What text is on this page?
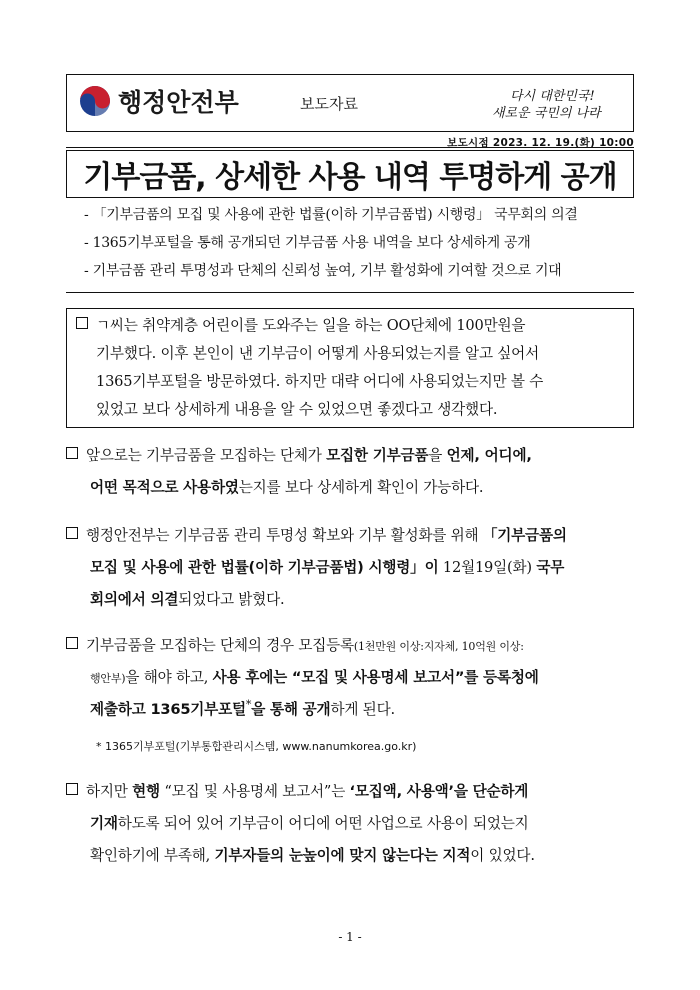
행정안전부	보도자료	다시 대한민국!
새로운 국민의 나라
보도시점 2023. 12. 19.(화) 10:00
기부금품, 상세한 사용 내역 투명하게 공개
- 「기부금품의 모집 및 사용에 관한 법률(이하 기부금품법) 시행령」 국무회의 의결
- 1365기부포털을 통해 공개되던 기부금품 사용 내역을 보다 상세하게 공개
- 기부금품 관리 투명성과 단체의 신뢰성 높여, 기부 활성화에 기여할 것으로 기대
ㄱ씨는 취약계층 어린이를 도와주는 일을 하는 OO단체에 100만원을
기부했다. 이후 본인이 낸 기부금이 어떻게 사용되었는지를 알고 싶어서
1365기부포털을 방문하였다. 하지만 대략 어디에 사용되었는지만 볼 수
있었고 보다 상세하게 내용을 알 수 있었으면 좋겠다고 생각했다.
앞으로는 기부금품을 모집하는 단체가 모집한 기부금품을 언제, 어디에,
어떤 목적으로 사용하였는지를 보다 상세하게 확인이 가능하다.
행정안전부는 기부금품 관리 투명성 확보와 기부 활성화를 위해 「기부금품의
모집 및 사용에 관한 법률(이하 기부금품법) 시행령」이 12월19일(화) 국무
회의에서 의결되었다고 밝혔다.
기부금품을 모집하는 단체의 경우 모집등록(1천만원 이상:지자체, 10억원 이상:
행안부)을 해야 하고, 사용 후에는 “모집 및 사용명세 보고서”를 등록청에
제출하고 1365기부포털*을 통해 공개하게 된다.
* 1365기부포털(기부통합관리시스템, www.nanumkorea.go.kr)
하지만 현행 “모집 및 사용명세 보고서”는 ‘모집액, 사용액’을 단순하게
기재하도록 되어 있어 기부금이 어디에 어떤 사업으로 사용이 되었는지
확인하기에 부족해, 기부자들의 눈높이에 맞지 않는다는 지적이 있었다.
- 1 -
